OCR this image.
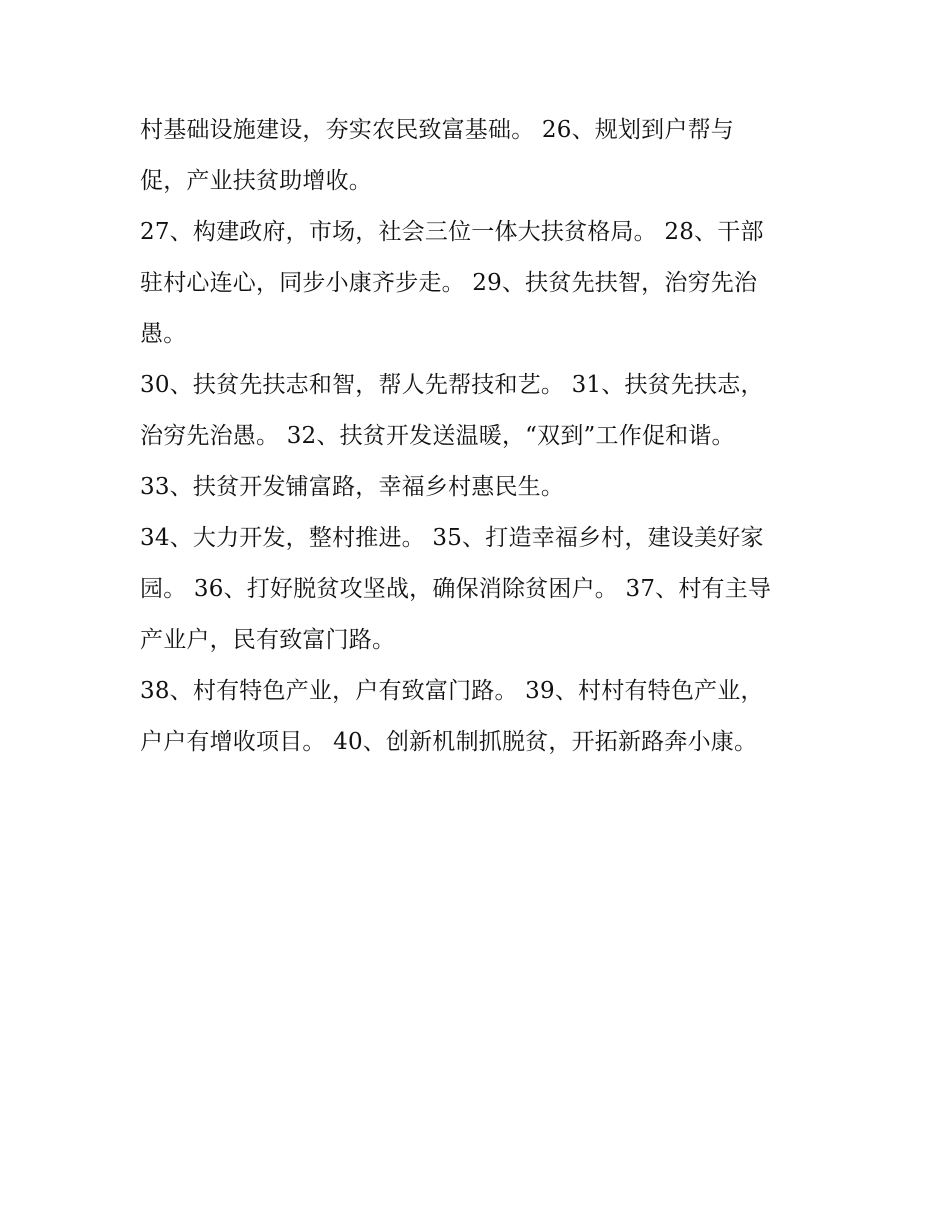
村基础设施建设，夯实农民致富基础。 26、规划到户帮与
促，产业扶贫助增收。
27、构建政府，市场，社会三位一体大扶贫格局。 28、干部
驻村心连心，同步小康齐步走。 29、扶贫先扶智，治穷先治
愚。
30、扶贫先扶志和智，帮人先帮技和艺。 31、扶贫先扶志，
治穷先治愚。 32、扶贫开发送温暖，“双到”工作促和谐。
33、扶贫开发铺富路，幸福乡村惠民生。
34、大力开发，整村推进。 35、打造幸福乡村，建设美好家
园。 36、打好脱贫攻坚战，确保消除贫困户。 37、村有主导
产业户，民有致富门路。
38、村有特色产业，户有致富门路。 39、村村有特色产业，
户户有增收项目。 40、创新机制抓脱贫，开拓新路奔小康。
